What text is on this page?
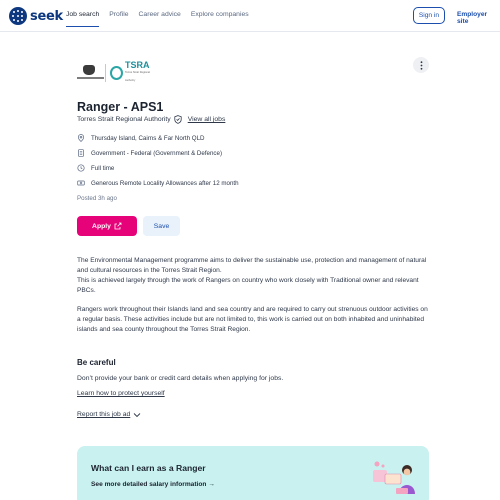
seek Job search Profile Career advice Explore companies	Sign in	Employer site
TSRA
Torres Strait Regional Authority
Ranger - APS1
Torres Strait Regional Authority	View all jobs
Thursday Island, Cairns & Far North QLD
Government - Federal (Government & Defence)
Full time
Generous Remote Locality Allowances after 12 month
Posted 3h ago
Apply	Save
The Environmental Management programme aims to deliver the sustainable use, protection and management of natural and cultural resources in the Torres Strait Region.
This is achieved largely through the work of Rangers on country who work closely with Traditional owner and relevant PBCs.
Rangers work throughout their Islands land and sea country and are required to carry out strenuous outdoor activities on a regular basis. These activities include but are not limited to, this work is carried out on both inhabited and uninhabited islands and sea county throughout the Torres Strait Region.
Be careful
Don’t provide your bank or credit card details when applying for jobs.
Learn how to protect yourself
Report this job ad
What can I earn as a Ranger
See more detailed salary information →
